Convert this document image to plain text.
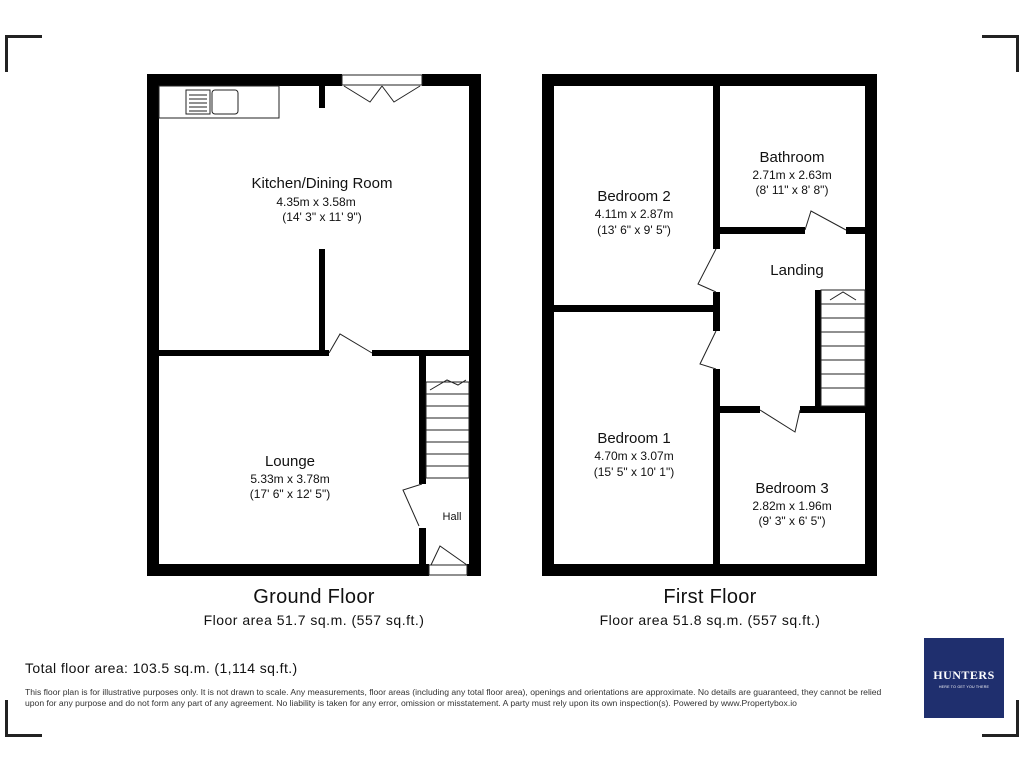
Kitchen/Dining Room
4.35m x 3.58m
(14' 3" x 11' 9")
Lounge
5.33m x 3.78m
(17' 6" x 12' 5")
Hall
Bedroom 2
4.11m x 2.87m
(13' 6" x 9' 5")
Bathroom
2.71m x 2.63m
(8' 11" x 8' 8")
Landing
Bedroom 1
4.70m x 3.07m
(15' 5" x 10' 1")
Bedroom 3
2.82m x 1.96m
(9' 3" x 6' 5")
Ground Floor
Floor area 51.7 sq.m. (557 sq.ft.)
First Floor
Floor area 51.8 sq.m. (557 sq.ft.)
Total floor area: 103.5 sq.m. (1,114 sq.ft.)
This floor plan is for illustrative purposes only. It is not drawn to scale. Any measurements, floor areas (including any total floor area), openings and orientations are approximate. No details are guaranteed, they cannot be relied upon for any purpose and do not form any part of any agreement. No liability is taken for any error, omission or misstatement. A party must rely upon its own inspection(s). Powered by www.Propertybox.io
HUNTERS
HERE TO GET YOU THERE
